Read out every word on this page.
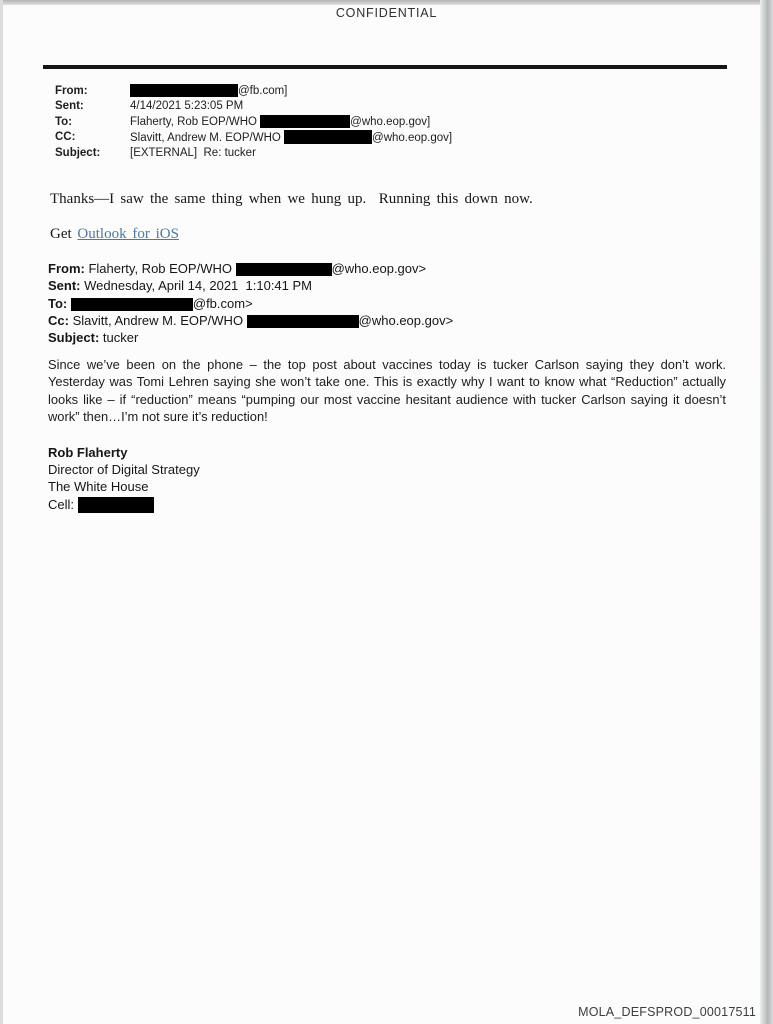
CONFIDENTIAL
From:	@fb.com]
Sent:	4/14/2021 5:23:05 PM
To:	Flaherty, Rob EOP/WHO	@who.eop.gov]
CC:	Slavitt, Andrew M. EOP/WHO	@who.eop.gov]
Subject:	[EXTERNAL]  Re: tucker
Thanks—I saw the same thing when we hung up.  Running this down now.
Get Outlook for iOS
From: Flaherty, Rob EOP/WHO	@who.eop.gov>
Sent: Wednesday, April 14, 2021  1:10:41 PM
To:	@fb.com>
Cc: Slavitt, Andrew M. EOP/WHO	@who.eop.gov>
Subject: tucker
Since we’ve been on the phone – the top post about vaccines today is tucker Carlson saying they don’t work. Yesterday was Tomi Lehren saying she won’t take one. This is exactly why I want to know what “Reduction” actually looks like – if “reduction” means “pumping our most vaccine hesitant audience with tucker Carlson saying it doesn’t work” then…I’m not sure it’s reduction!
Rob Flaherty
Director of Digital Strategy
The White House
Cell:
MOLA_DEFSPROD_00017511
